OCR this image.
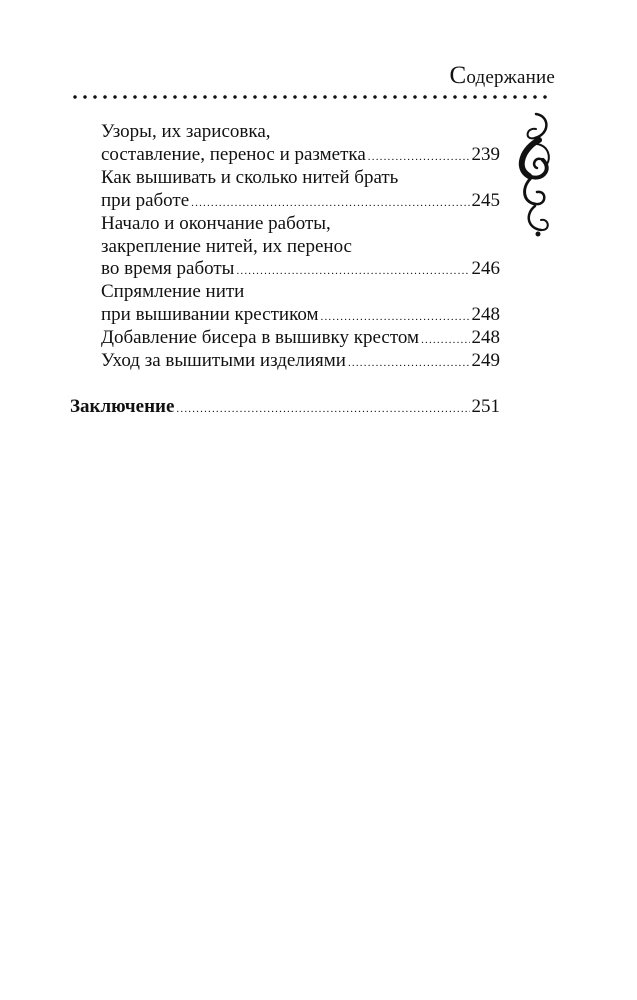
Содержание
Узоры, их зарисовка,
составление, перенос и разметка .....	239
Как вышивать и сколько нитей брать
при работе .....	245
Начало и окончание работы,
закрепление нитей, их перенос
во время работы .....	246
Спрямление нити
при вышивании крестиком .....	248
Добавление бисера в вышивку крестом .....	248
Уход за вышитыми изделиями .....	249
Заключение .....	251
